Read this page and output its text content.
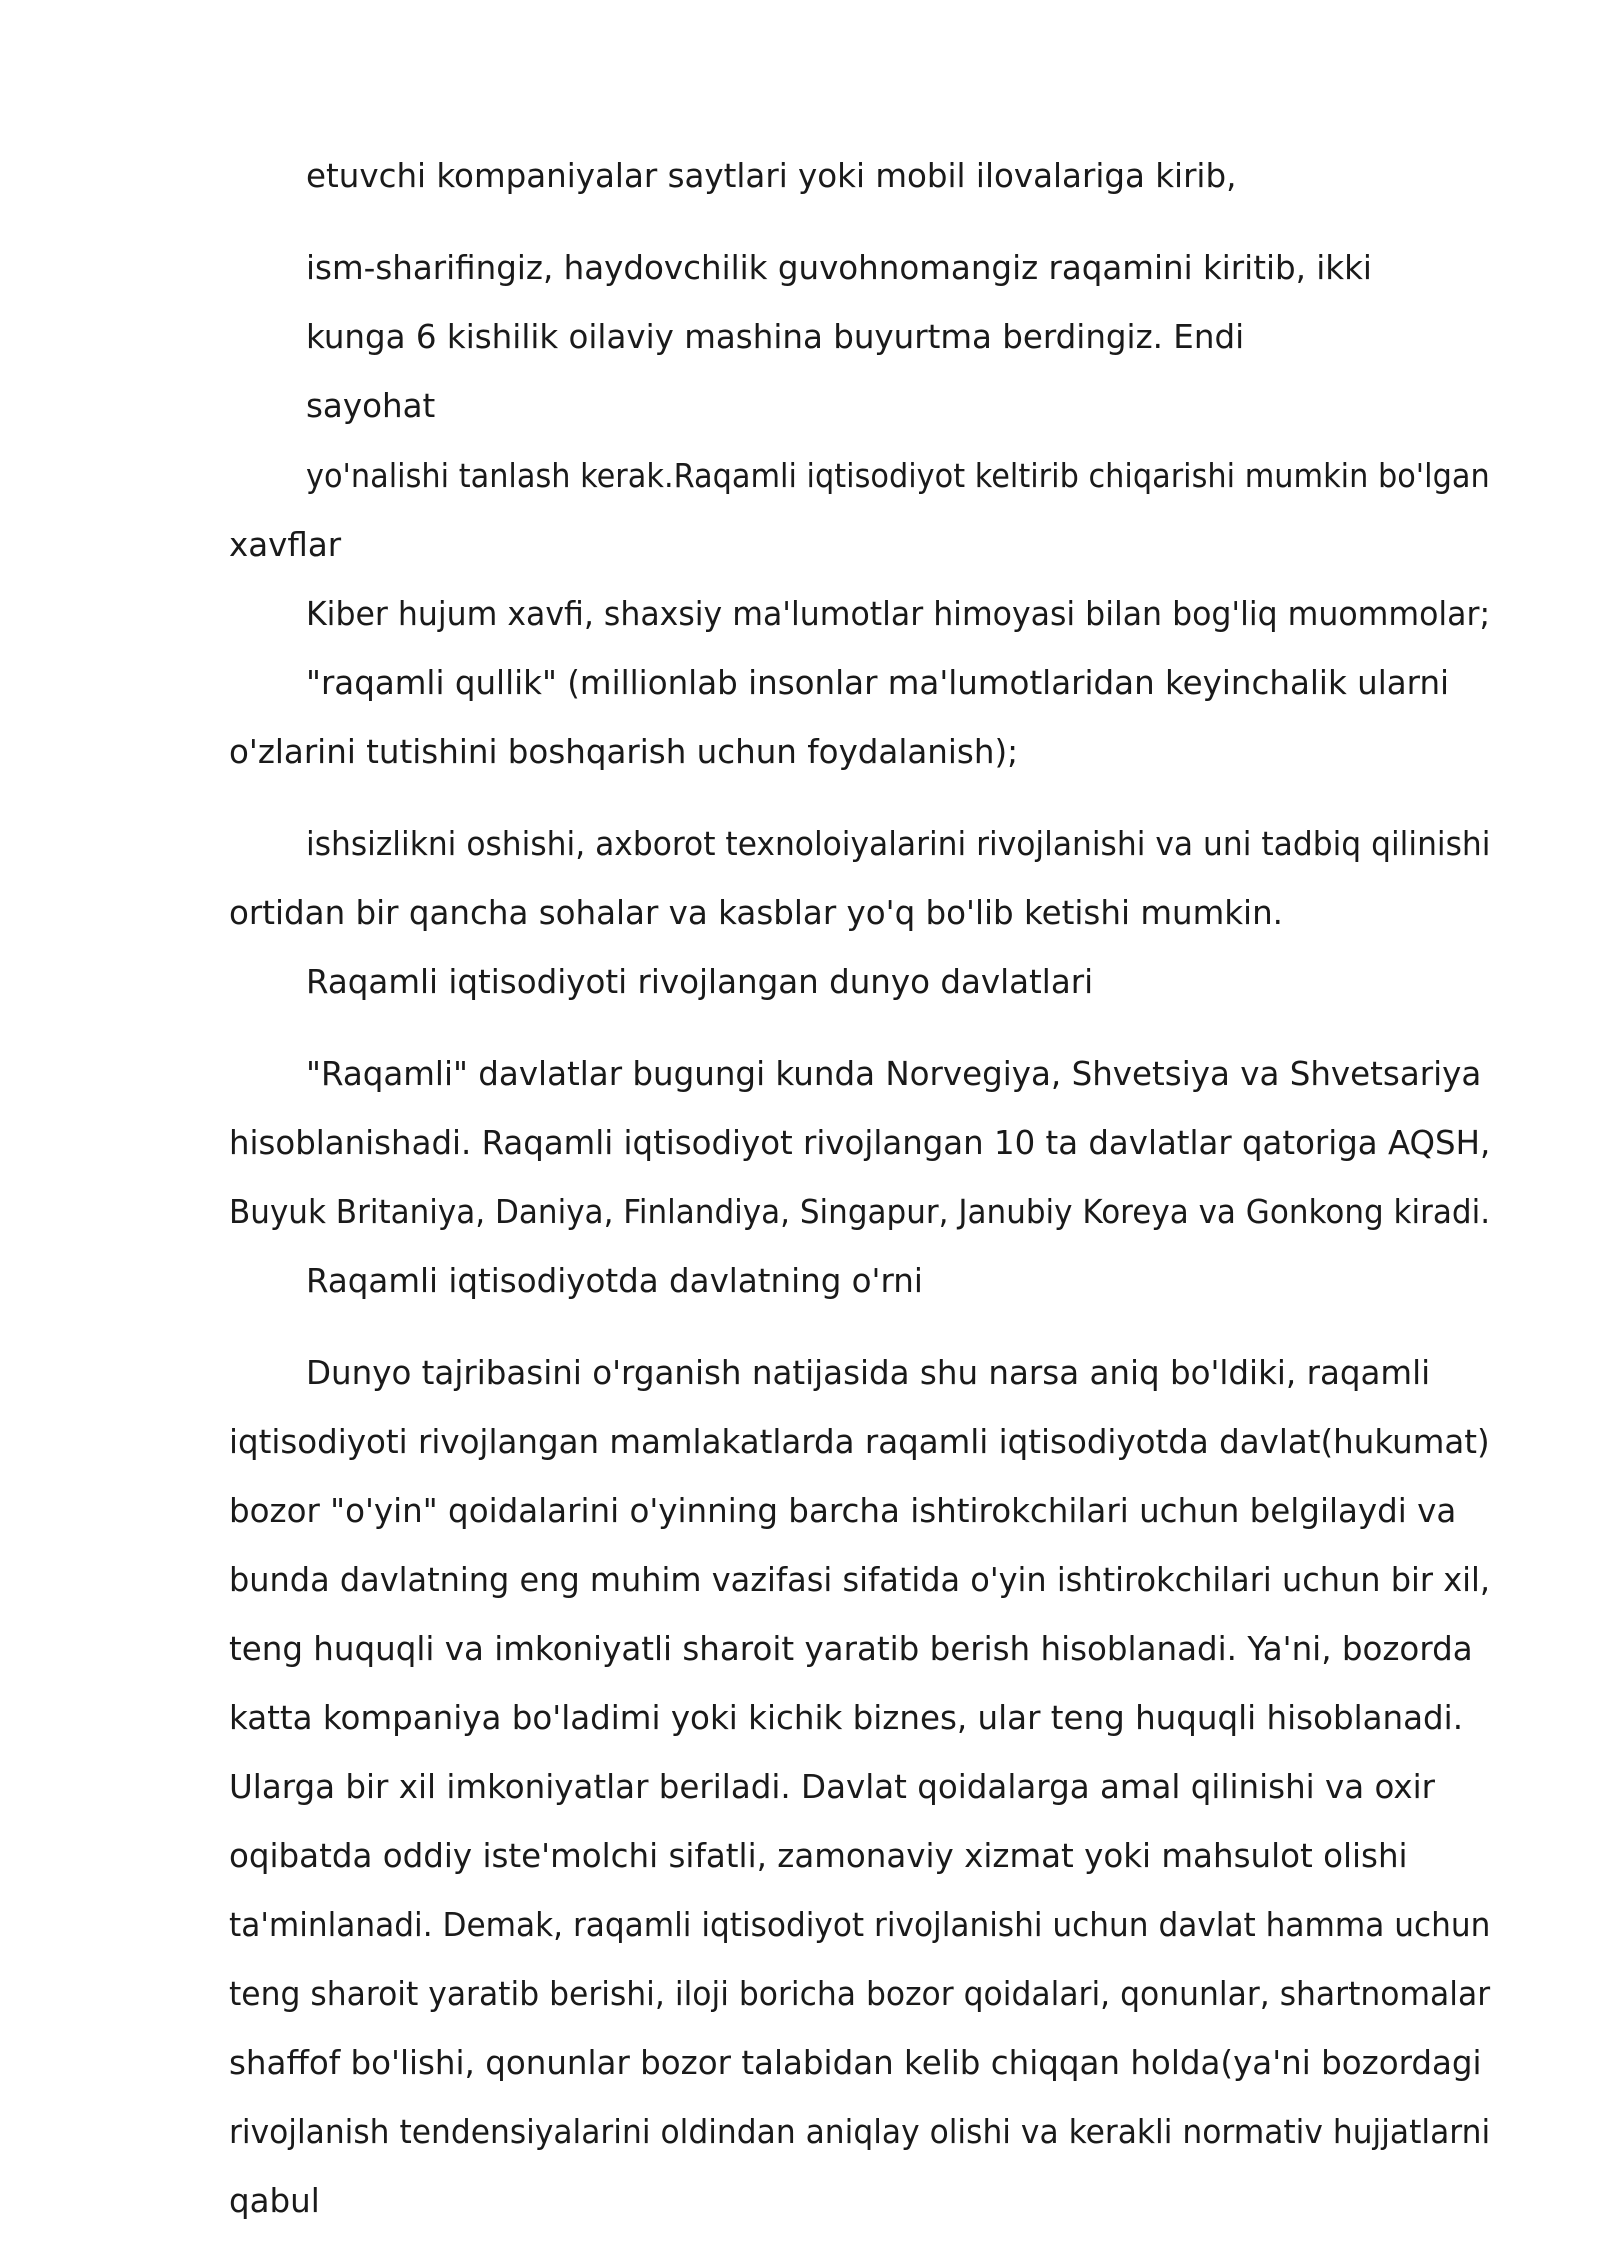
etuvchi kompaniyalar saytlari yoki mobil ilovalariga kirib,

ism-sharifingiz, haydovchilik guvohnomangiz raqamini kiritib, ikki

kunga 6 kishilik oilaviy mashina buyurtma berdingiz. Endi

sayohat

yo'nalishi tanlash kerak.Raqamli iqtisodiyot keltirib chiqarishi mumkin bo'lgan

xavflar

Kiber hujum xavfi, shaxsiy ma'lumotlar himoyasi bilan bog'liq muommolar;

"raqamli qullik" (millionlab insonlar ma'lumotlaridan keyinchalik ularni

o'zlarini tutishini boshqarish uchun foydalanish);

ishsizlikni oshishi, axborot texnoloiyalarini rivojlanishi va uni tadbiq qilinishi

ortidan bir qancha sohalar va kasblar yo'q bo'lib ketishi mumkin.

Raqamli iqtisodiyoti rivojlangan dunyo davlatlari

"Raqamli" davlatlar bugungi kunda Norvegiya, Shvetsiya va Shvetsariya

hisoblanishadi. Raqamli iqtisodiyot rivojlangan 10 ta davlatlar qatoriga AQSH,

Buyuk Britaniya, Daniya, Finlandiya, Singapur, Janubiy Koreya va Gonkong kiradi.

Raqamli iqtisodiyotda davlatning o'rni

Dunyo tajribasini o'rganish natijasida shu narsa aniq bo'ldiki, raqamli

iqtisodiyoti rivojlangan mamlakatlarda raqamli iqtisodiyotda davlat(hukumat)

bozor "o'yin" qoidalarini o'yinning barcha ishtirokchilari uchun belgilaydi va

bunda davlatning eng muhim vazifasi sifatida o'yin ishtirokchilari uchun bir xil,

teng huquqli va imkoniyatli sharoit yaratib berish hisoblanadi. Ya'ni, bozorda

katta kompaniya bo'ladimi yoki kichik biznes, ular teng huquqli hisoblanadi.

Ularga bir xil imkoniyatlar beriladi. Davlat qoidalarga amal qilinishi va oxir

oqibatda oddiy iste'molchi sifatli, zamonaviy xizmat yoki mahsulot olishi

ta'minlanadi. Demak, raqamli iqtisodiyot rivojlanishi uchun davlat hamma uchun

teng sharoit yaratib berishi, iloji boricha bozor qoidalari, qonunlar, shartnomalar

shaffof bo'lishi, qonunlar bozor talabidan kelib chiqqan holda(ya'ni bozordagi

rivojlanish tendensiyalarini oldindan aniqlay olishi va kerakli normativ hujjatlarni

qabul
